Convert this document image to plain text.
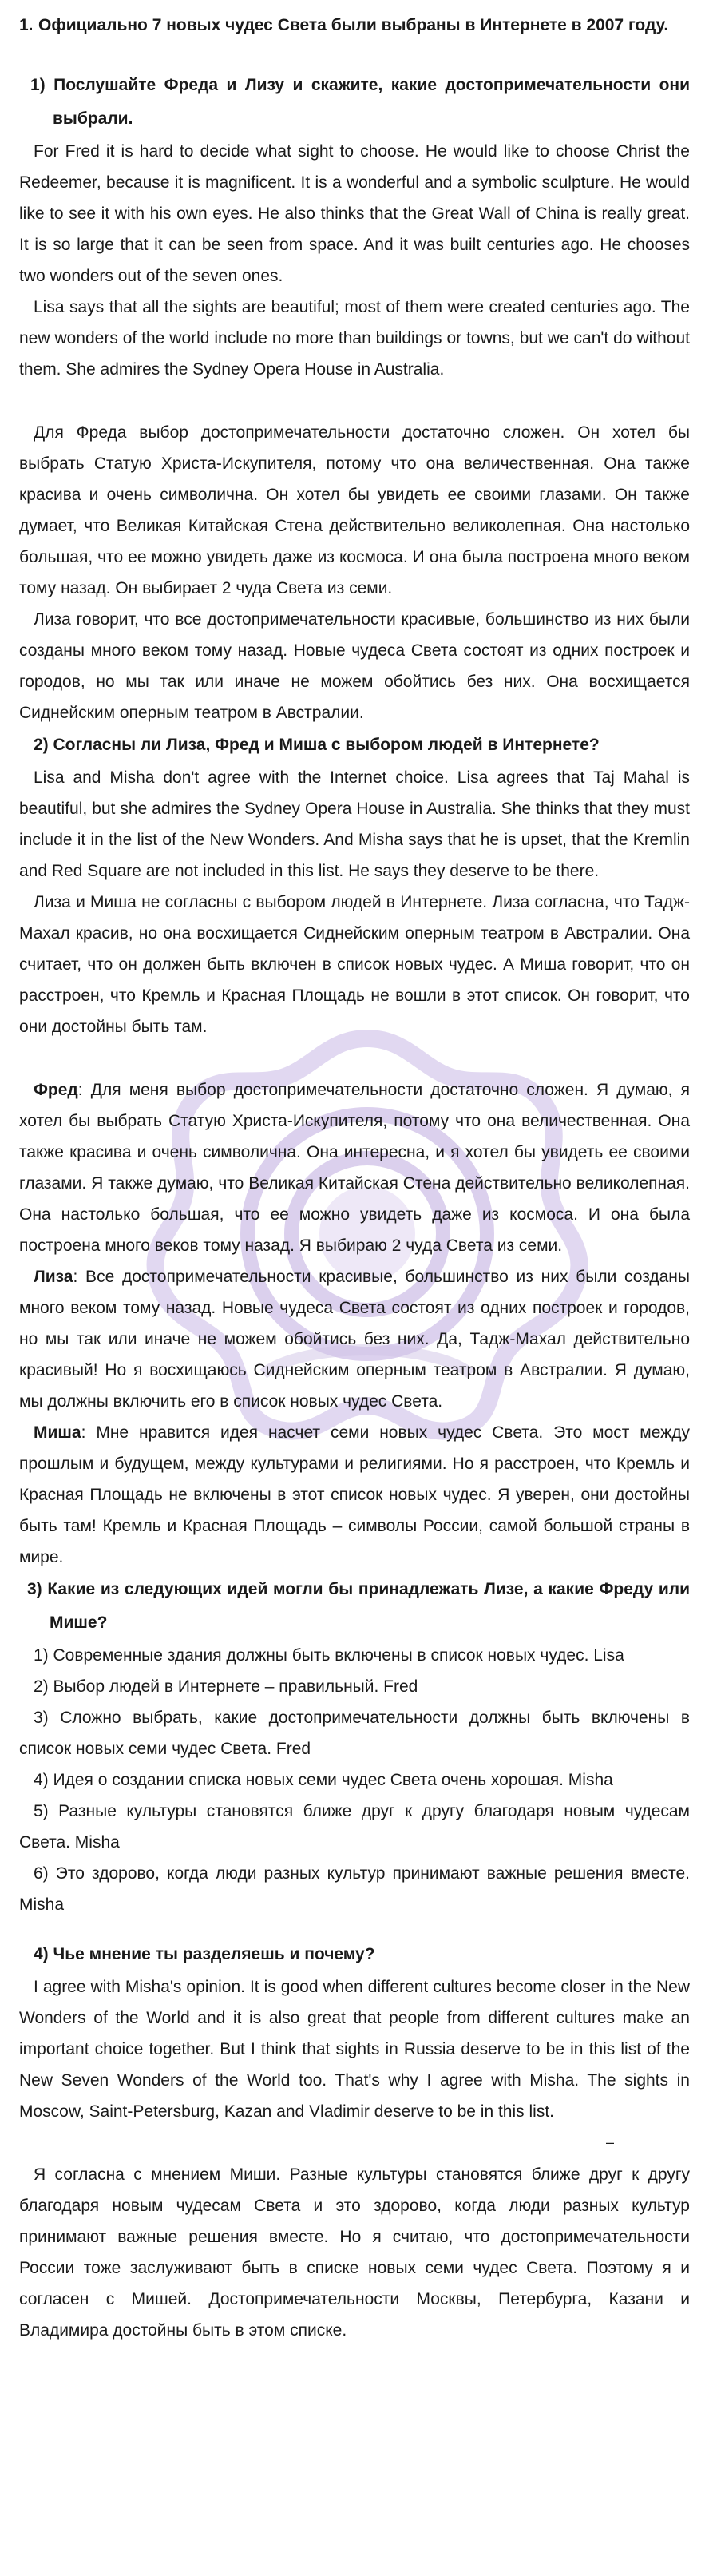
1. Официально 7 новых чудес Света были выбраны в Интернете в 2007 году.

1) Послушайте Фреда и Лизу и скажите, какие достопримечательности они выбрали.

For Fred it is hard to decide what sight to choose. He would like to choose Christ the Redeemer, because it is magnificent. It is a wonderful and a symbolic sculpture. He would like to see it with his own eyes. He also thinks that the Great Wall of China is really great. It is so large that it can be seen from space. And it was built centuries ago. He chooses two wonders out of the seven ones.

Lisa says that all the sights are beautiful; most of them were created centuries ago. The new wonders of the world include no more than buildings or towns, but we can't do without them. She admires the Sydney Opera House in Australia.

Для Фреда выбор достопримечательности достаточно сложен. Он хотел бы выбрать Статую Христа-Искупителя, потому что она величественная. Она также красива и очень символична. Он хотел бы увидеть ее своими глазами. Он также думает, что Великая Китайская Стена действительно великолепная. Она настолько большая, что ее можно увидеть даже из космоса. И она была построена много веком тому назад. Он выбирает 2 чуда Света из семи.

Лиза говорит, что все достопримечательности красивые, большинство из них были созданы много веком тому назад. Новые чудеса Света состоят из одних построек и городов, но мы так или иначе не можем обойтись без них. Она восхищается Сиднейским оперным театром в Австралии.

2) Согласны ли Лиза, Фред и Миша с выбором людей в Интернете?

Lisa and Misha don't agree with the Internet choice. Lisa agrees that Taj Mahal is beautiful, but she admires the Sydney Opera House in Australia. She thinks that they must include it in the list of the New Wonders. And Misha says that he is upset, that the Kremlin and Red Square are not included in this list. He says they deserve to be there.

Лиза и Миша не согласны с выбором людей в Интернете. Лиза согласна, что Тадж-Махал красив, но она восхищается Сиднейским оперным театром в Австралии. Она считает, что он должен быть включен в список новых чудес. А Миша говорит, что он расстроен, что Кремль и Красная Площадь не вошли в этот список. Он говорит, что они достойны быть там.

Фред: Для меня выбор достопримечательности достаточно сложен. Я думаю, я хотел бы выбрать Статую Христа-Искупителя, потому что она величественная. Она также красива и очень символична. Она интересна, и я хотел бы увидеть ее своими глазами. Я также думаю, что Великая Китайская Стена действительно великолепная. Она настолько большая, что ее можно увидеть даже из космоса. И она была построена много веков тому назад. Я выбираю 2 чуда Света из семи.

Лиза: Все достопримечательности красивые, большинство из них были созданы много веком тому назад. Новые чудеса Света состоят из одних построек и городов, но мы так или иначе не можем обойтись без них. Да, Тадж-Махал действительно красивый! Но я восхищаюсь Сиднейским оперным театром в Австралии. Я думаю, мы должны включить его в список новых чудес Света.

Миша: Мне нравится идея насчет семи новых чудес Света. Это мост между прошлым и будущем, между культурами и религиями. Но я расстроен, что Кремль и Красная Площадь не включены в этот список новых чудес. Я уверен, они достойны быть там! Кремль и Красная Площадь – символы России, самой большой страны в мире.

3) Какие из следующих идей могли бы принадлежать Лизе, а какие Фреду или Мише?

1) Современные здания должны быть включены в список новых чудес. Lisa

2) Выбор людей в Интернете – правильный. Fred

3) Сложно выбрать, какие достопримечательности должны быть включены в список новых семи чудес Света. Fred

4) Идея о создании списка новых семи чудес Света очень хорошая. Misha

5) Разные культуры становятся ближе друг к другу благодаря новым чудесам Света. Misha

6) Это здорово, когда люди разных культур принимают важные решения вместе. Misha

4) Чье мнение ты разделяешь и почему?

I agree with Misha's opinion. It is good when different cultures become closer in the New Wonders of the World and it is also great that people from different cultures make an important choice together. But I think that sights in Russia deserve to be in this list of the New Seven Wonders of the World too. That's why I agree with Misha. The sights in Moscow, Saint-Petersburg, Kazan and Vladimir deserve to be in this list.

–

Я согласна с мнением Миши. Разные культуры становятся ближе друг к другу благодаря новым чудесам Света и это здорово, когда люди разных культур принимают важные решения вместе. Но я считаю, что достопримечательности России тоже заслуживают быть в списке новых семи чудес Света. Поэтому я и согласен с Мишей. Достопримечательности Москвы, Петербурга, Казани и Владимира достойны быть в этом списке.
